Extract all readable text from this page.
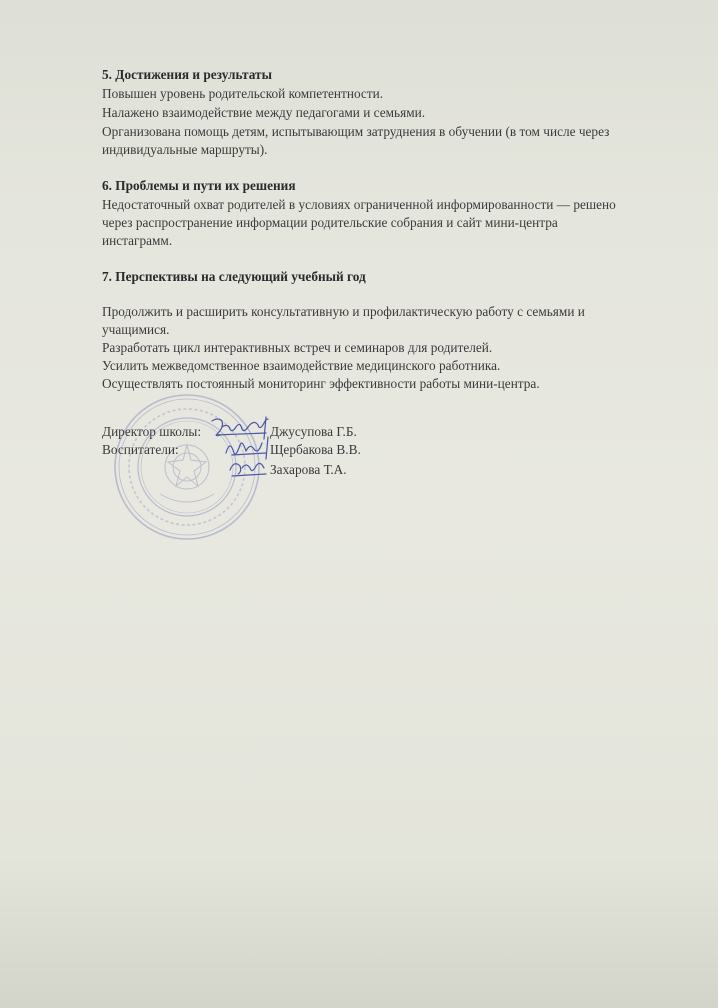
5. Достижения и результаты
Повышен уровень родительской компетентности.
Налажено взаимодействие между педагогами и семьями.
Организована помощь детям, испытывающим затруднения в обучении (в том числе через
индивидуальные маршруты).
6. Проблемы и пути их решения
Недостаточный охват родителей в условиях ограниченной информированности — решено
через распространение информации родительские собрания и сайт мини-центра
инстаграмм.
7. Перспективы на следующий учебный год
Продолжить и расширить консультативную и профилактическую работу с семьями и
учащимися.
Разработать цикл интерактивных встреч и семинаров для родителей.
Усилить межведомственное взаимодействие медицинского работника.
Осуществлять постоянный мониторинг эффективности работы мини-центра.
Директор школы:	Джусупова Г.Б.
Воспитатели:	Щербакова В.В.
Захарова Т.А.
